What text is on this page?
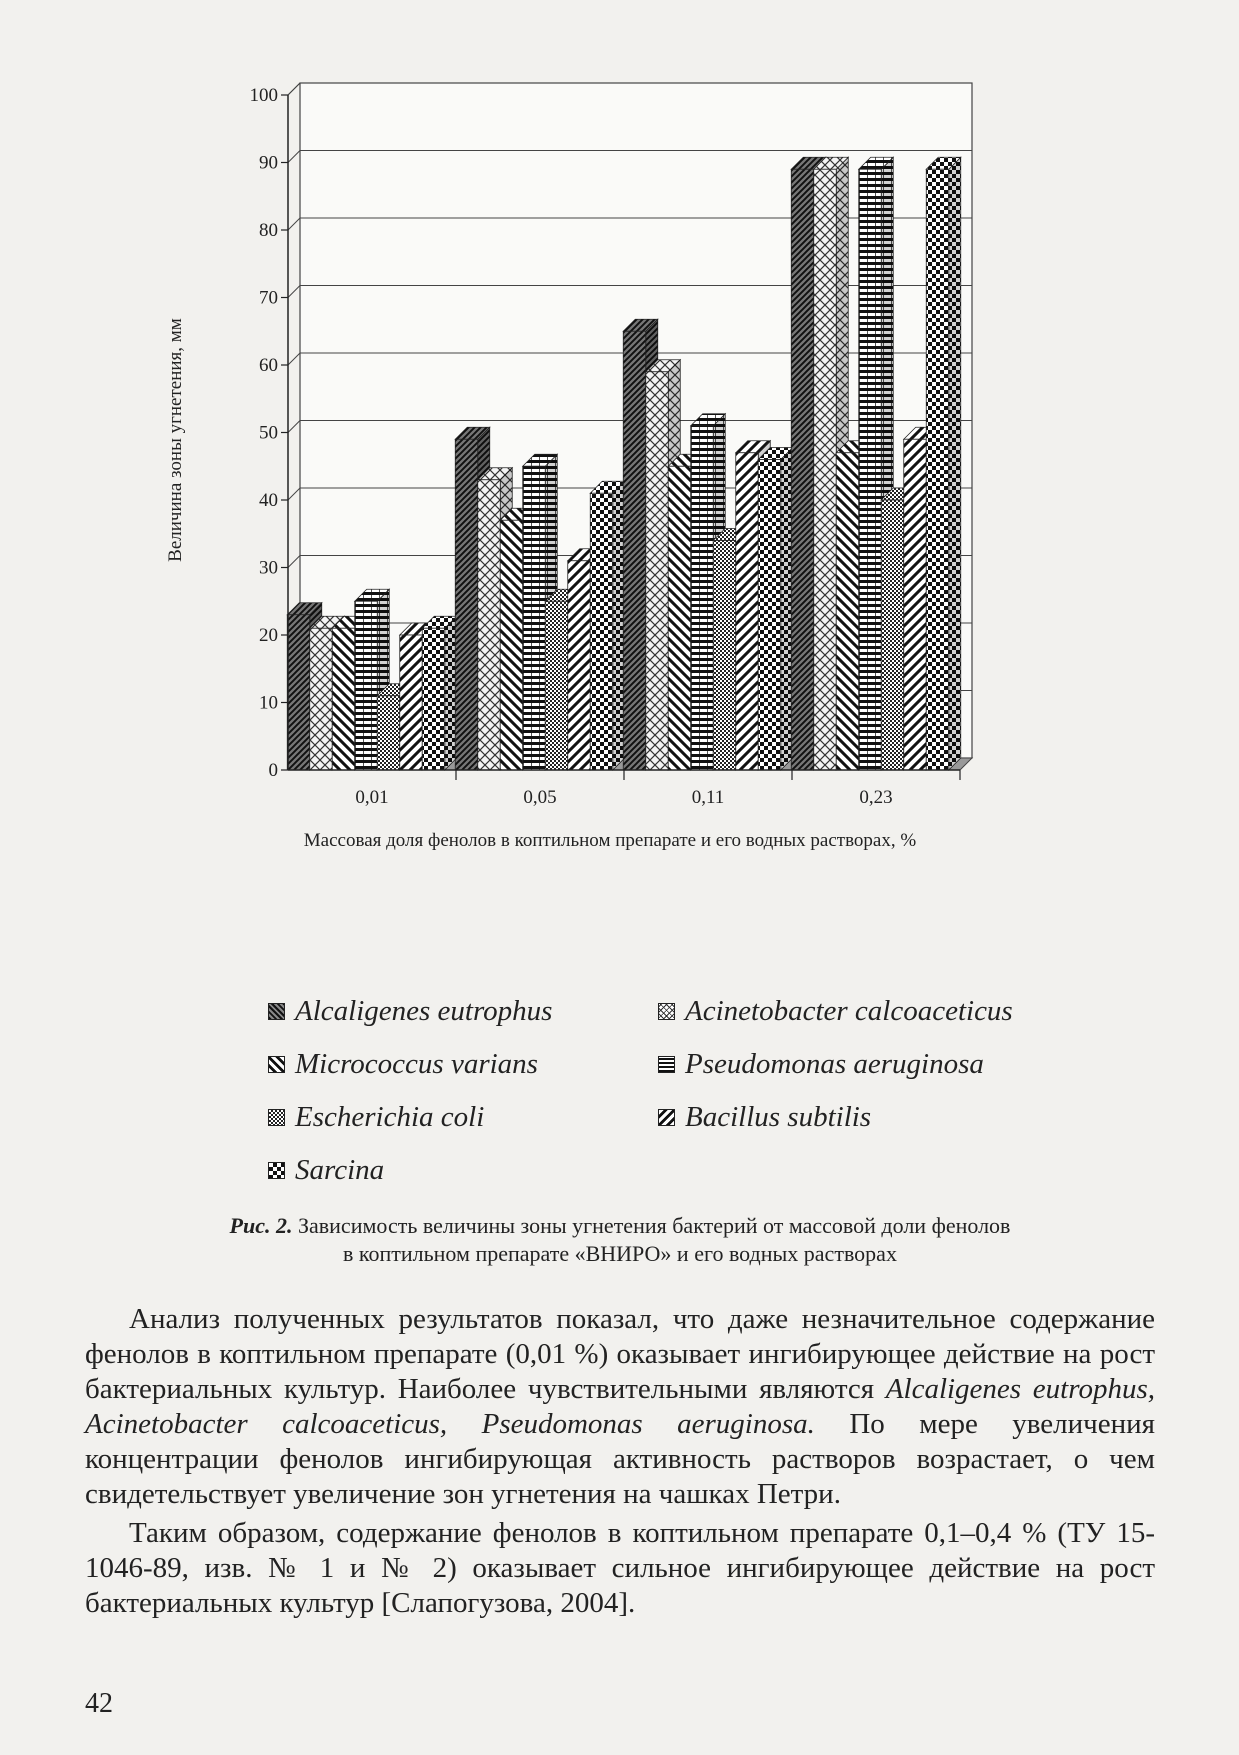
0
10
20
30
40
50
60
70
80
90
100
0,01	0,05	0,11	0,23
Массовая доля фенолов в коптильном препарате и его водных растворах, %
Величина зоны угнетения, мм
Alcaligenes eutrophus	Acinetobacter calcoaceticus
Micrococcus varians	Pseudomonas aeruginosa
Escherichia coli	Bacillus subtilis
Sarcina
Рис. 2. Зависимость величины зоны угнетения бактерий от массовой доли фенолов
в коптильном препарате «ВНИРО» и его водных растворах

Анализ полученных результатов показал, что даже незначительное содержание фенолов в коптильном препарате (0,01 %) оказывает ингибирующее действие на рост бактериальных культур. Наиболее чувствительными являются Alcaligenes eutrophus, Acinetobacter calcoaceticus, Pseudomonas aeruginosa. По мере увеличения концентрации фенолов ингибирующая активность растворов возрастает, о чем свидетельствует увеличение зон угнетения на чашках Петри.

Таким образом, содержание фенолов в коптильном препарате 0,1–0,4 % (ТУ 15-1046-89, изв. № 1 и № 2) оказывает сильное ингибирующее действие на рост бактериальных культур [Слапогузова, 2004].

42
